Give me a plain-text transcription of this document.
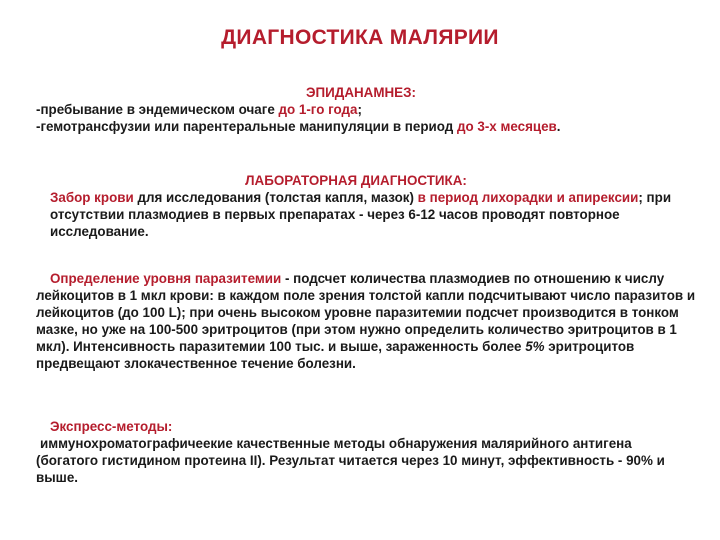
ДИАГНОСТИКА МАЛЯРИИ
ЭПИДАНАМНЕЗ:
-пребывание в эндемическом очаге до 1-го года;
-гемотрансфузии или парентеральные манипуляции в период до 3-х месяцев.
ЛАБОРАТОРНАЯ ДИАГНОСТИКА:
Забор крови для исследования (толстая капля, мазок) в период лихорадки и апирексии; при отсутствии плазмодиев в первых препаратах - через 6-12 часов проводят повторное исследование.
Определение уровня паразитемии - подсчет количества плазмодиев по отношению к числу лейкоцитов в 1 мкл крови: в каждом поле зрения толстой капли подсчитывают число паразитов и лейкоцитов (до 100 L); при очень высоком уровне паразитемии подсчет производится в тонком мазке, но уже на 100-500 эритроцитов (при этом нужно определить количество эритроцитов в 1 мкл). Интенсивность паразитемии 100 тыс. и выше, зараженность более 5% эритроцитов предвещают злокачественное течение болезни.
Экспресс-методы:
иммунохроматографичеекие качественные методы обнаружения малярийного антигена (богатого гистидином протеина II). Результат читается через 10 минут, эффективность - 90% и выше.
